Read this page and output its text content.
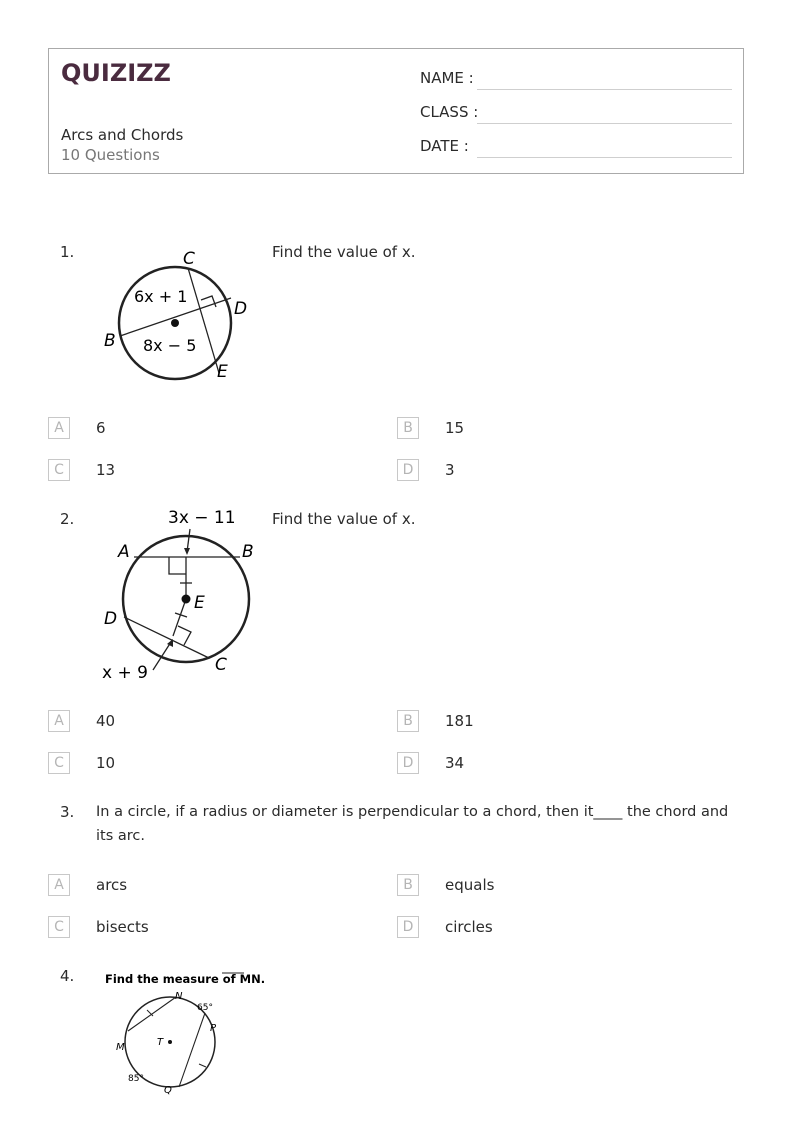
QUIZIZZ
Arcs and Chords
10 Questions
NAME :
CLASS :
DATE :
1.	C
D
B
E
6x + 1
8x − 5
Find the value of x.
A	6	B	15
C	13	D	3
2.	3x − 11
A	B
E
D
C
x + 9
Find the value of x.
A	40	B	181
C	10	D	34
3. In a circle, if a radius or diameter is perpendicular to a chord, then it____ the chord and
its arc.
A	arcs	B	equals
C	bisects	D	circles
4.	Find the measure of MN.
N
65°
P
M	T
85°
Q
